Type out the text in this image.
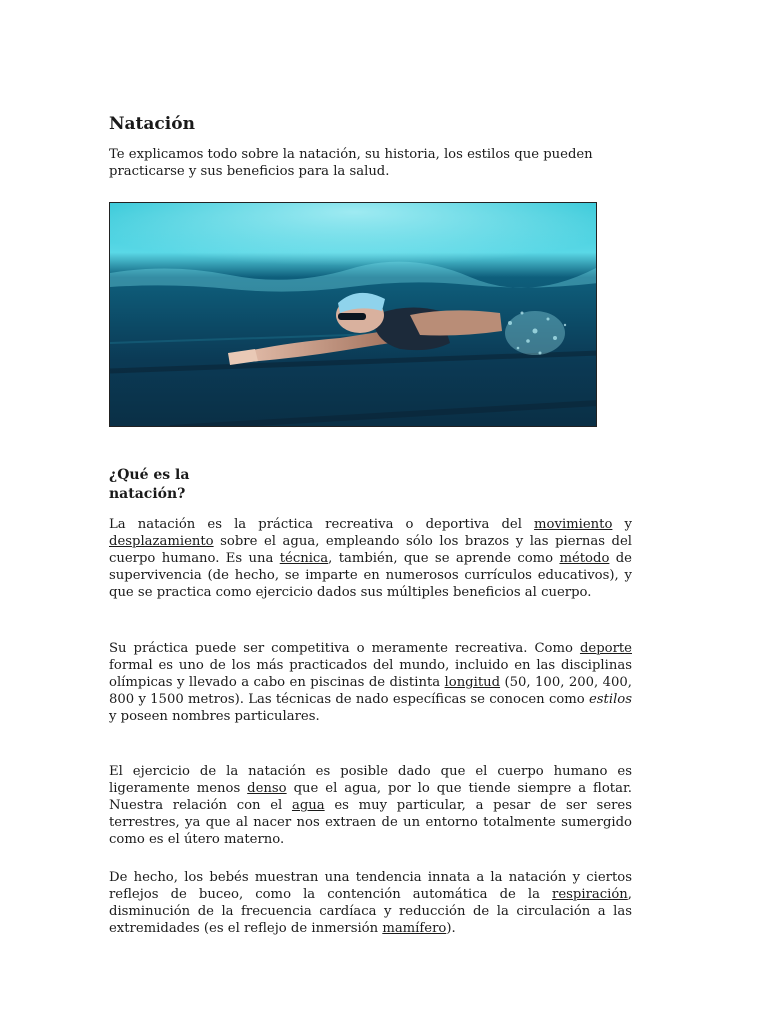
Natación

Te explicamos todo sobre la natación, su historia, los estilos que pueden practicarse y sus beneficios para la salud.

¿Qué es la
natación?

La natación es la práctica recreativa o deportiva del movimiento y desplazamiento sobre el agua, empleando sólo los brazos y las piernas del cuerpo humano. Es una técnica, también, que se aprende como método de supervivencia (de hecho, se imparte en numerosos currículos educativos), y que se practica como ejercicio dados sus múltiples beneficios al cuerpo.

Su práctica puede ser competitiva o meramente recreativa. Como deporte formal es uno de los más practicados del mundo, incluido en las disciplinas olímpicas y llevado a cabo en piscinas de distinta longitud (50, 100, 200, 400, 800 y 1500 metros). Las técnicas de nado específicas se conocen como estilos y poseen nombres particulares.

El ejercicio de la natación es posible dado que el cuerpo humano es ligeramente menos denso que el agua, por lo que tiende siempre a flotar. Nuestra relación con el agua es muy particular, a pesar de ser seres terrestres, ya que al nacer nos extraen de un entorno totalmente sumergido como es el útero materno.

De hecho, los bebés muestran una tendencia innata a la natación y ciertos reflejos de buceo, como la contención automática de la respiración, disminución de la frecuencia cardíaca y reducción de la circulación a las extremidades (es el reflejo de inmersión mamífero).
